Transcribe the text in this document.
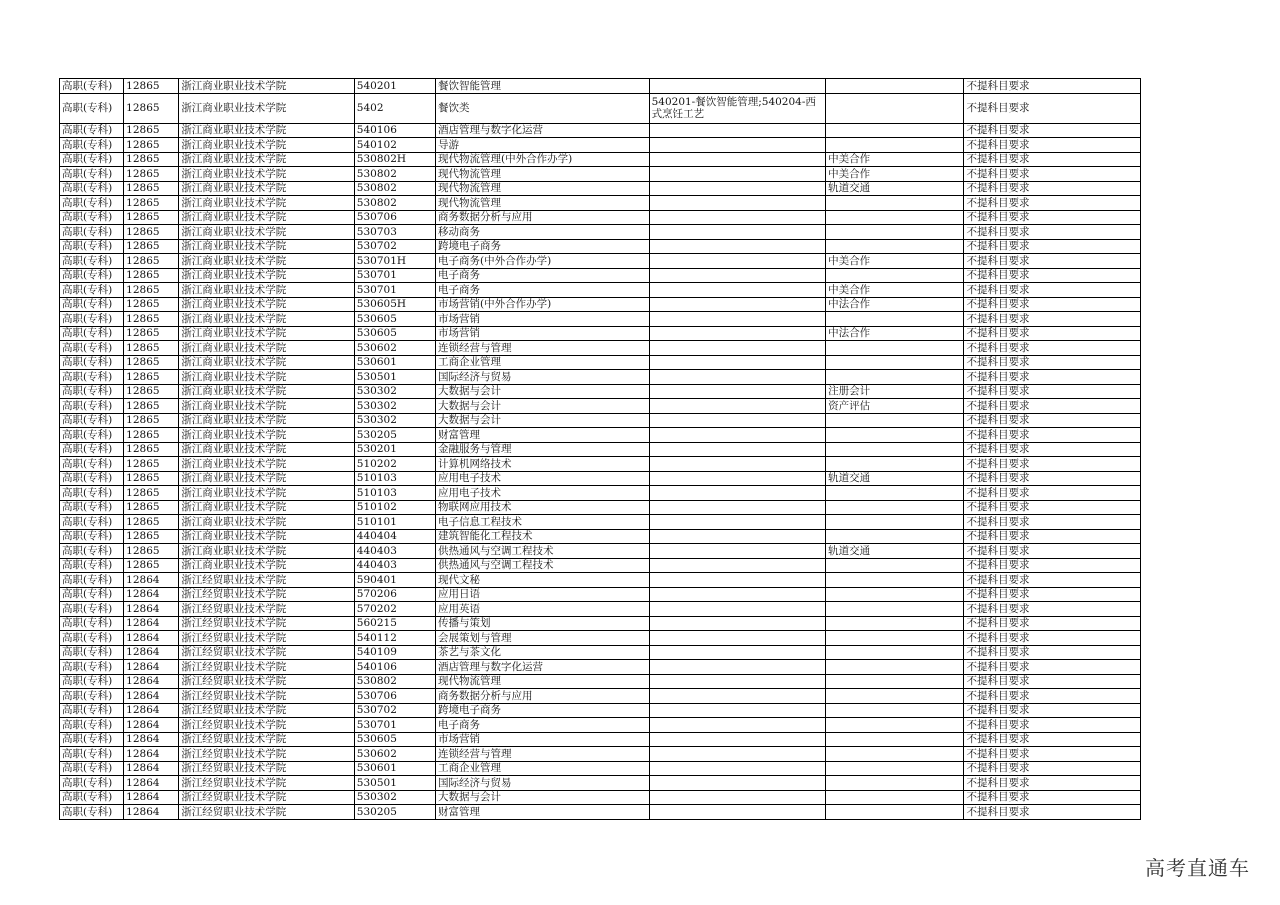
高职(专科)	12865	浙江商业职业技术学院	540201	餐饮智能管理			不提科目要求
高职(专科)	12865	浙江商业职业技术学院	5402	餐饮类	540201-餐饮智能管理;540204-西式烹饪工艺		不提科目要求
高职(专科)	12865	浙江商业职业技术学院	540106	酒店管理与数字化运营			不提科目要求
高职(专科)	12865	浙江商业职业技术学院	540102	导游			不提科目要求
高职(专科)	12865	浙江商业职业技术学院	530802H	现代物流管理(中外合作办学)		中美合作	不提科目要求
高职(专科)	12865	浙江商业职业技术学院	530802	现代物流管理		中美合作	不提科目要求
高职(专科)	12865	浙江商业职业技术学院	530802	现代物流管理		轨道交通	不提科目要求
高职(专科)	12865	浙江商业职业技术学院	530802	现代物流管理			不提科目要求
高职(专科)	12865	浙江商业职业技术学院	530706	商务数据分析与应用			不提科目要求
高职(专科)	12865	浙江商业职业技术学院	530703	移动商务			不提科目要求
高职(专科)	12865	浙江商业职业技术学院	530702	跨境电子商务			不提科目要求
高职(专科)	12865	浙江商业职业技术学院	530701H	电子商务(中外合作办学)		中美合作	不提科目要求
高职(专科)	12865	浙江商业职业技术学院	530701	电子商务			不提科目要求
高职(专科)	12865	浙江商业职业技术学院	530701	电子商务		中美合作	不提科目要求
高职(专科)	12865	浙江商业职业技术学院	530605H	市场营销(中外合作办学)		中法合作	不提科目要求
高职(专科)	12865	浙江商业职业技术学院	530605	市场营销			不提科目要求
高职(专科)	12865	浙江商业职业技术学院	530605	市场营销		中法合作	不提科目要求
高职(专科)	12865	浙江商业职业技术学院	530602	连锁经营与管理			不提科目要求
高职(专科)	12865	浙江商业职业技术学院	530601	工商企业管理			不提科目要求
高职(专科)	12865	浙江商业职业技术学院	530501	国际经济与贸易			不提科目要求
高职(专科)	12865	浙江商业职业技术学院	530302	大数据与会计		注册会计	不提科目要求
高职(专科)	12865	浙江商业职业技术学院	530302	大数据与会计		资产评估	不提科目要求
高职(专科)	12865	浙江商业职业技术学院	530302	大数据与会计			不提科目要求
高职(专科)	12865	浙江商业职业技术学院	530205	财富管理			不提科目要求
高职(专科)	12865	浙江商业职业技术学院	530201	金融服务与管理			不提科目要求
高职(专科)	12865	浙江商业职业技术学院	510202	计算机网络技术			不提科目要求
高职(专科)	12865	浙江商业职业技术学院	510103	应用电子技术		轨道交通	不提科目要求
高职(专科)	12865	浙江商业职业技术学院	510103	应用电子技术			不提科目要求
高职(专科)	12865	浙江商业职业技术学院	510102	物联网应用技术			不提科目要求
高职(专科)	12865	浙江商业职业技术学院	510101	电子信息工程技术			不提科目要求
高职(专科)	12865	浙江商业职业技术学院	440404	建筑智能化工程技术			不提科目要求
高职(专科)	12865	浙江商业职业技术学院	440403	供热通风与空调工程技术		轨道交通	不提科目要求
高职(专科)	12865	浙江商业职业技术学院	440403	供热通风与空调工程技术			不提科目要求
高职(专科)	12864	浙江经贸职业技术学院	590401	现代文秘			不提科目要求
高职(专科)	12864	浙江经贸职业技术学院	570206	应用日语			不提科目要求
高职(专科)	12864	浙江经贸职业技术学院	570202	应用英语			不提科目要求
高职(专科)	12864	浙江经贸职业技术学院	560215	传播与策划			不提科目要求
高职(专科)	12864	浙江经贸职业技术学院	540112	会展策划与管理			不提科目要求
高职(专科)	12864	浙江经贸职业技术学院	540109	茶艺与茶文化			不提科目要求
高职(专科)	12864	浙江经贸职业技术学院	540106	酒店管理与数字化运营			不提科目要求
高职(专科)	12864	浙江经贸职业技术学院	530802	现代物流管理			不提科目要求
高职(专科)	12864	浙江经贸职业技术学院	530706	商务数据分析与应用			不提科目要求
高职(专科)	12864	浙江经贸职业技术学院	530702	跨境电子商务			不提科目要求
高职(专科)	12864	浙江经贸职业技术学院	530701	电子商务			不提科目要求
高职(专科)	12864	浙江经贸职业技术学院	530605	市场营销			不提科目要求
高职(专科)	12864	浙江经贸职业技术学院	530602	连锁经营与管理			不提科目要求
高职(专科)	12864	浙江经贸职业技术学院	530601	工商企业管理			不提科目要求
高职(专科)	12864	浙江经贸职业技术学院	530501	国际经济与贸易			不提科目要求
高职(专科)	12864	浙江经贸职业技术学院	530302	大数据与会计			不提科目要求
高职(专科)	12864	浙江经贸职业技术学院	530205	财富管理			不提科目要求
高考直通车
